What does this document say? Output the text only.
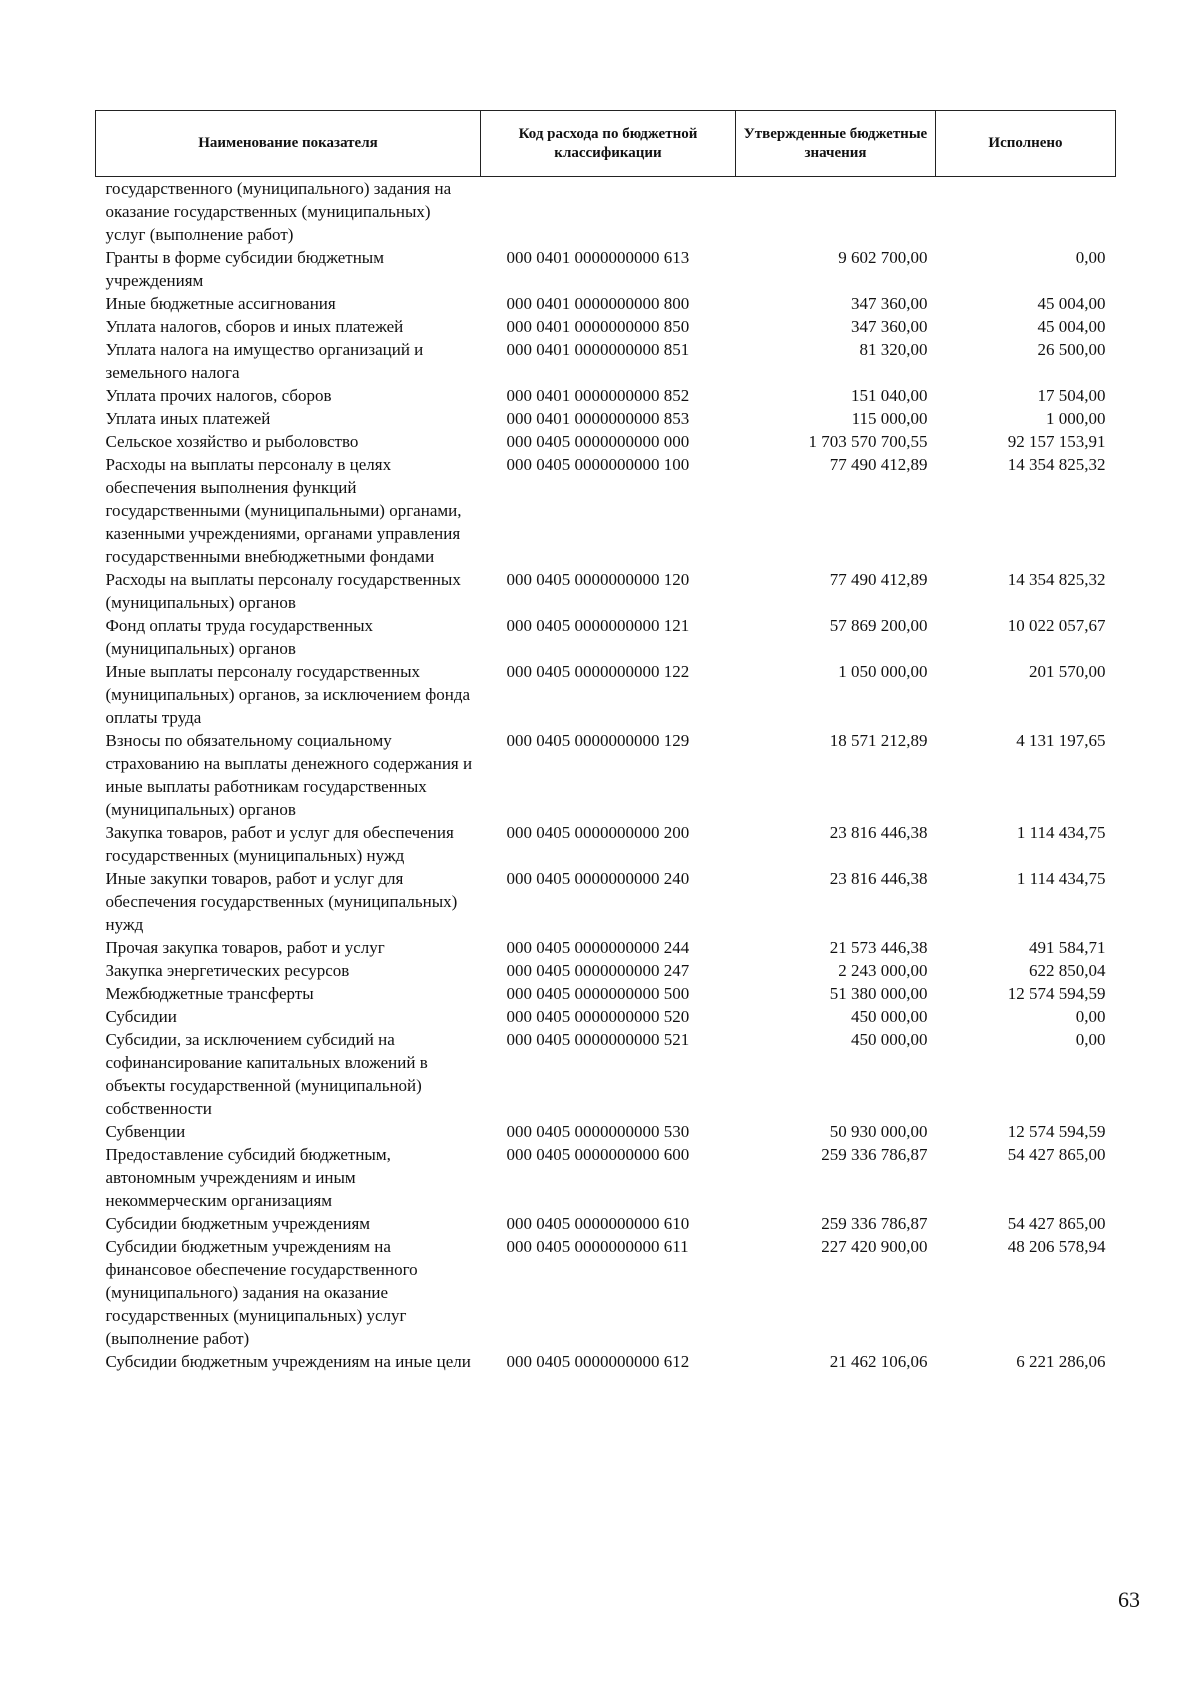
Наименование показателя	Код расхода по бюджетной классификации	Утвержденные бюджетные значения	Исполнено
государственного (муниципального) задания на оказание государственных (муниципальных) услуг (выполнение работ)			
Гранты в форме субсидии бюджетным учреждениям	000 0401 0000000000 613	9 602 700,00	0,00
Иные бюджетные ассигнования	000 0401 0000000000 800	347 360,00	45 004,00
Уплата налогов, сборов и иных платежей	000 0401 0000000000 850	347 360,00	45 004,00
Уплата налога на имущество организаций и земельного налога	000 0401 0000000000 851	81 320,00	26 500,00
Уплата прочих налогов, сборов	000 0401 0000000000 852	151 040,00	17 504,00
Уплата иных платежей	000 0401 0000000000 853	115 000,00	1 000,00
Сельское хозяйство и рыболовство	000 0405 0000000000 000	1 703 570 700,55	92 157 153,91
Расходы на выплаты персоналу в целях обеспечения выполнения функций государственными (муниципальными) органами, казенными учреждениями, органами управления государственными внебюджетными фондами	000 0405 0000000000 100	77 490 412,89	14 354 825,32
Расходы на выплаты персоналу государственных (муниципальных) органов	000 0405 0000000000 120	77 490 412,89	14 354 825,32
Фонд оплаты труда государственных (муниципальных) органов	000 0405 0000000000 121	57 869 200,00	10 022 057,67
Иные выплаты персоналу государственных (муниципальных) органов, за исключением фонда оплаты труда	000 0405 0000000000 122	1 050 000,00	201 570,00
Взносы по обязательному социальному страхованию на выплаты денежного содержания и иные выплаты работникам государственных (муниципальных) органов	000 0405 0000000000 129	18 571 212,89	4 131 197,65
Закупка товаров, работ и услуг для обеспечения государственных (муниципальных) нужд	000 0405 0000000000 200	23 816 446,38	1 114 434,75
Иные закупки товаров, работ и услуг для обеспечения государственных (муниципальных) нужд	000 0405 0000000000 240	23 816 446,38	1 114 434,75
Прочая закупка товаров, работ и услуг	000 0405 0000000000 244	21 573 446,38	491 584,71
Закупка энергетических ресурсов	000 0405 0000000000 247	2 243 000,00	622 850,04
Межбюджетные трансферты	000 0405 0000000000 500	51 380 000,00	12 574 594,59
Субсидии	000 0405 0000000000 520	450 000,00	0,00
Субсидии, за исключением субсидий на софинансирование капитальных вложений в объекты государственной (муниципальной) собственности	000 0405 0000000000 521	450 000,00	0,00
Субвенции	000 0405 0000000000 530	50 930 000,00	12 574 594,59
Предоставление субсидий бюджетным, автономным учреждениям и иным некоммерческим организациям	000 0405 0000000000 600	259 336 786,87	54 427 865,00
Субсидии бюджетным учреждениям	000 0405 0000000000 610	259 336 786,87	54 427 865,00
Субсидии бюджетным учреждениям на финансовое обеспечение государственного (муниципального) задания на оказание государственных (муниципальных) услуг (выполнение работ)	000 0405 0000000000 611	227 420 900,00	48 206 578,94
Субсидии бюджетным учреждениям на иные цели	000 0405 0000000000 612	21 462 106,06	6 221 286,06
63
